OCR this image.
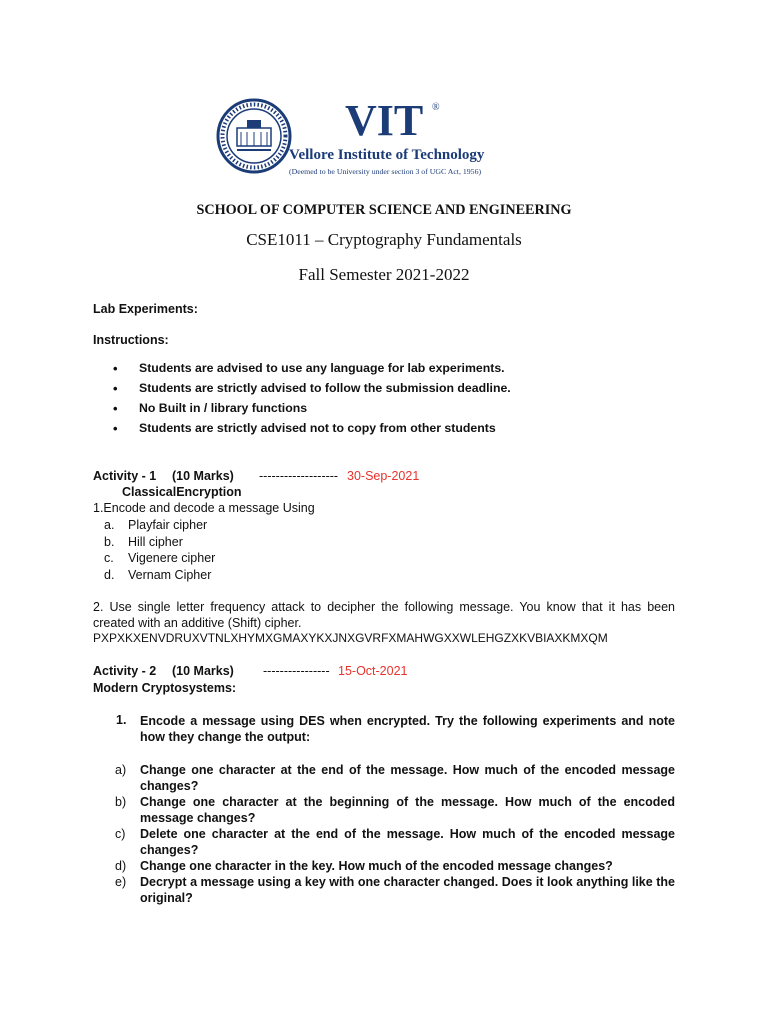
VIT ®
Vellore Institute of Technology
(Deemed to be University under section 3 of UGC Act, 1956)
SCHOOL OF COMPUTER SCIENCE AND ENGINEERING
CSE1011 – Cryptography Fundamentals
Fall Semester 2021-2022
Lab Experiments:
Instructions:
• Students are advised to use any language for lab experiments.
• Students are strictly advised to follow the submission deadline.
• No Built in / library functions
• Students are strictly advised not to copy from other students
Activity - 1 (10 Marks) ------------------- 30-Sep-2021
ClassicalEncryption
1.Encode and decode a message Using
a. Playfair cipher
b. Hill cipher
c. Vigenere cipher
d. Vernam Cipher
2. Use single letter frequency attack to decipher the following message. You know that it has been created with an additive (Shift) cipher.
PXPXKXENVDRUXVTNLXHYMXGMAXYKXJNXGVRFXMAHWGXXWLEHGZXKVBIAXKMXQM
Activity - 2 (10 Marks) ---------------- 15-Oct-2021
Modern Cryptosystems:
1. Encode a message using DES when encrypted. Try the following experiments and note how they change the output:
a) Change one character at the end of the message. How much of the encoded message changes?
b) Change one character at the beginning of the message. How much of the encoded message changes?
c) Delete one character at the end of the message. How much of the encoded message changes?
d) Change one character in the key. How much of the encoded message changes?
e) Decrypt a message using a key with one character changed. Does it look anything like the original?
